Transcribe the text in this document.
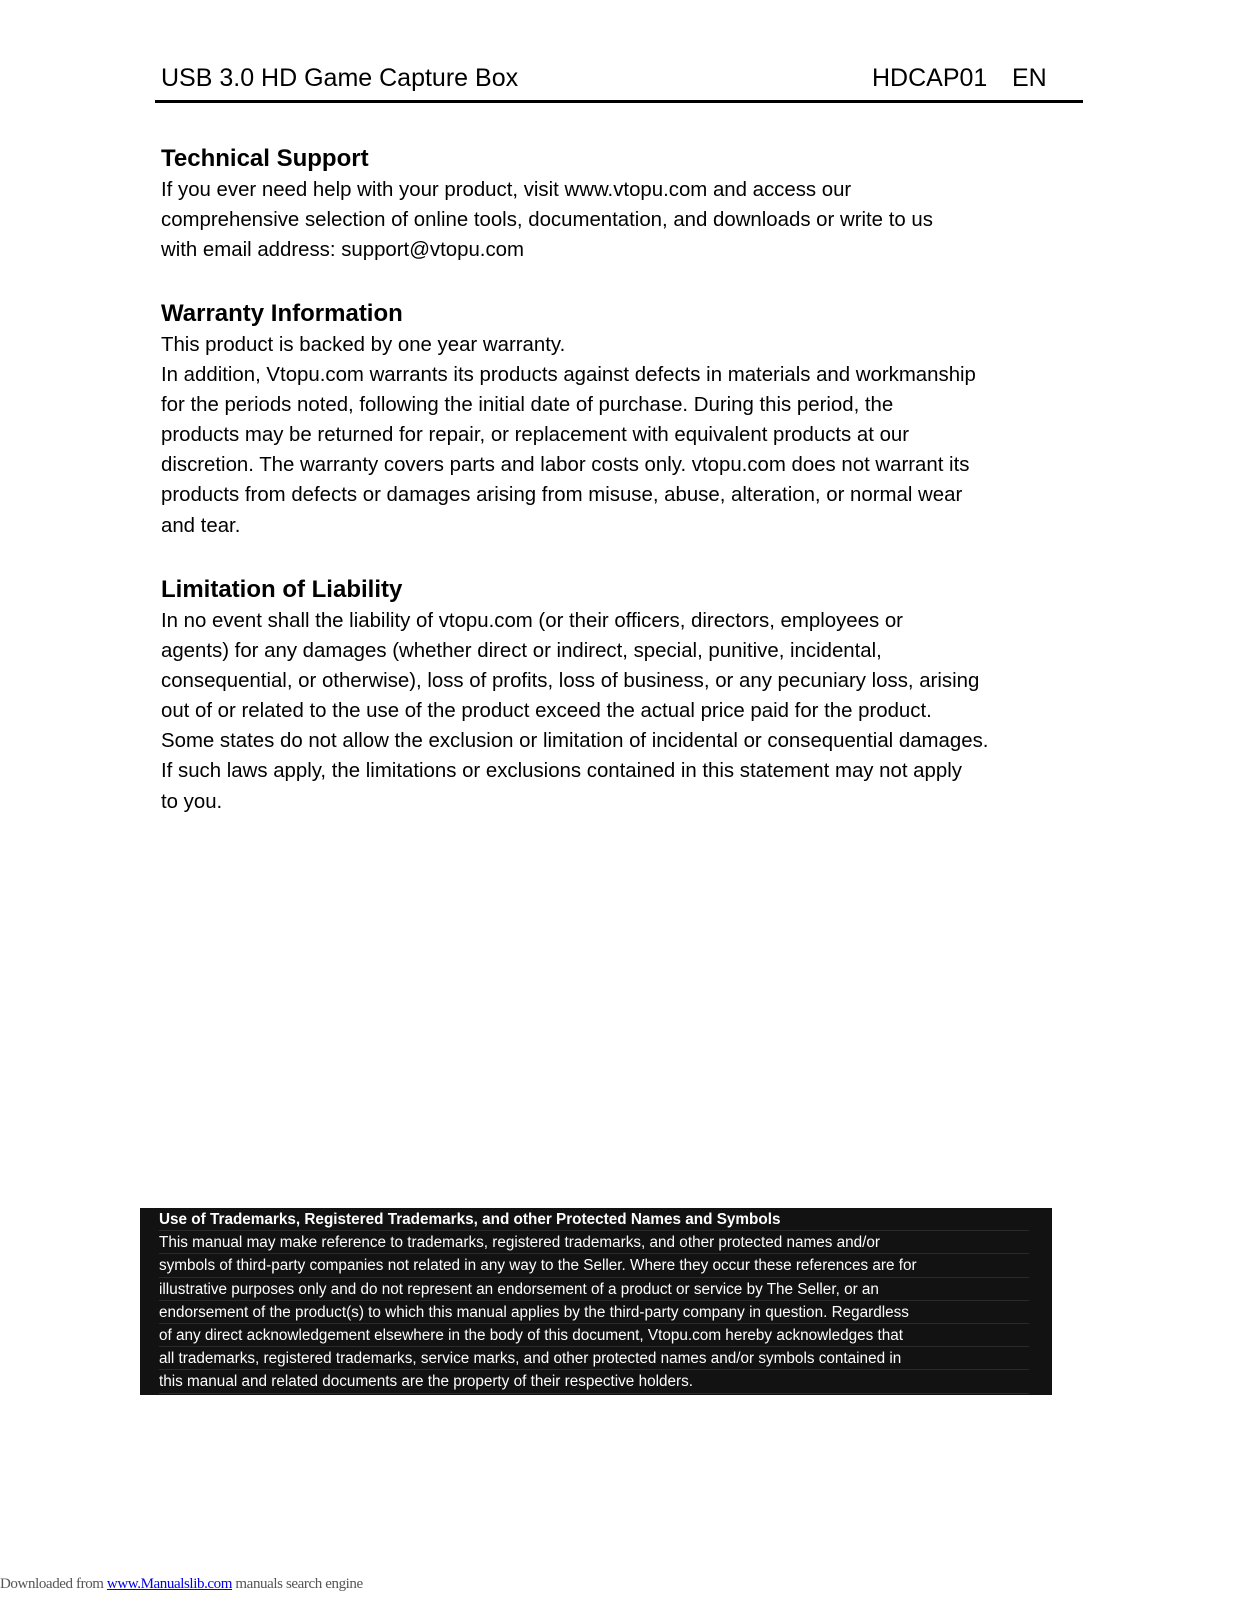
USB 3.0 HD Game Capture Box	HDCAP01 EN
Technical Support
If you ever need help with your product, visit www.vtopu.com and access our
comprehensive selection of online tools, documentation, and downloads or write to us
with email address: support@vtopu.com
Warranty Information
This product is backed by one year warranty.
In addition, Vtopu.com warrants its products against defects in materials and workmanship
for the periods noted, following the initial date of purchase. During this period, the
products may be returned for repair, or replacement with equivalent products at our
discretion. The warranty covers parts and labor costs only. vtopu.com does not warrant its
products from defects or damages arising from misuse, abuse, alteration, or normal wear
and tear.
Limitation of Liability
In no event shall the liability of vtopu.com (or their officers, directors, employees or
agents) for any damages (whether direct or indirect, special, punitive, incidental,
consequential, or otherwise), loss of profits, loss of business, or any pecuniary loss, arising
out of or related to the use of the product exceed the actual price paid for the product.
Some states do not allow the exclusion or limitation of incidental or consequential damages.
If such laws apply, the limitations or exclusions contained in this statement may not apply
to you.
Use of Trademarks, Registered Trademarks, and other Protected Names and Symbols
This manual may make reference to trademarks, registered trademarks, and other protected names and/or
symbols of third-party companies not related in any way to the Seller. Where they occur these references are for
illustrative purposes only and do not represent an endorsement of a product or service by The Seller, or an
endorsement of the product(s) to which this manual applies by the third-party company in question. Regardless
of any direct acknowledgement elsewhere in the body of this document, Vtopu.com hereby acknowledges that
all trademarks, registered trademarks, service marks, and other protected names and/or symbols contained in
this manual and related documents are the property of their respective holders.
Downloaded from www.Manualslib.com manuals search engine
